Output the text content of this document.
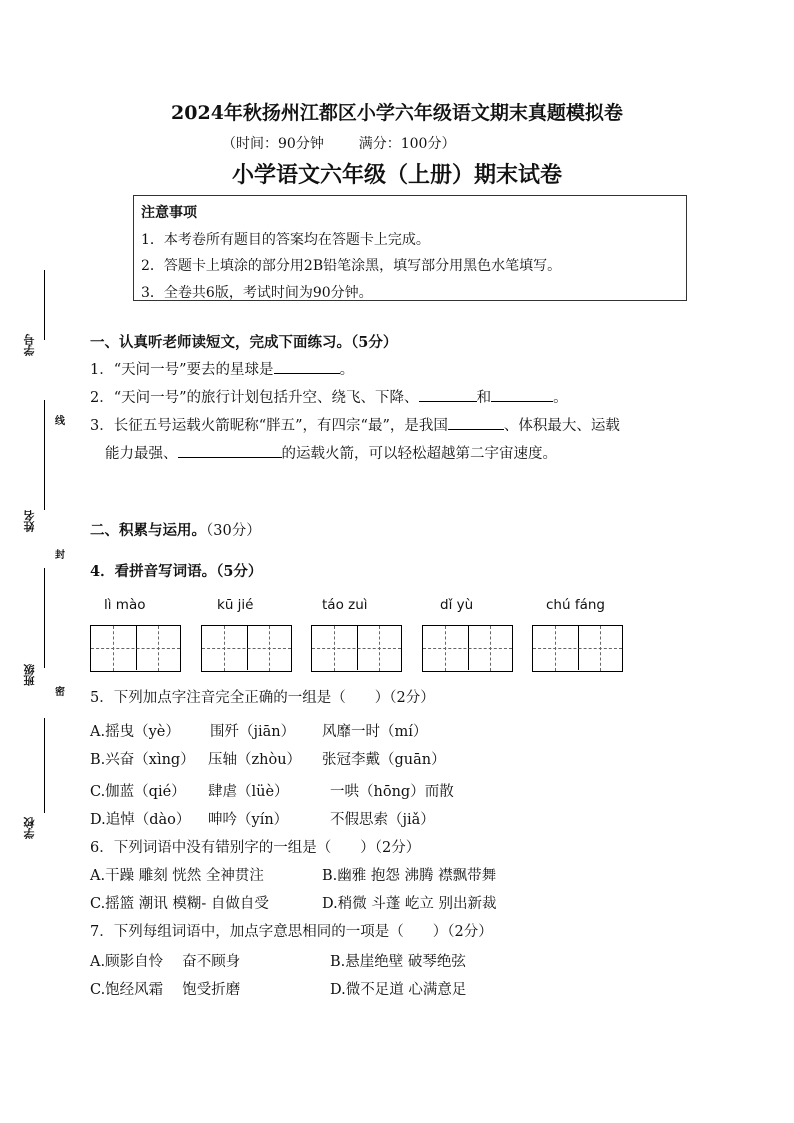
学号
姓名
班级
学校
线
封
密
2024年秋扬州江都区小学六年级语文期末真题模拟卷
（时间：90分钟 满分：100分）
小学语文六年级（上册）期末试卷
注意事项
1．本考卷所有题目的答案均在答题卡上完成。
2．答题卡上填涂的部分用2B铅笔涂黑，填写部分用黑色水笔填写。
3．全卷共6版，考试时间为90分钟。
一、认真听老师读短文，完成下面练习。（5分）
1．“天问一号”要去的星球是	。
2．“天问一号”的旅行计划包括升空、绕飞、下降、	和	。
3．长征五号运载火箭昵称“胖五”，有四宗“最”，是我国	、体积最大、运载
能力最强、	的运载火箭，可以轻松超越第二宇宙速度。
二、积累与运用。（30分）
4．看拼音写词语。（5分）
lì mào	kū jié	táo zuì	dǐ yù	chú fáng
5．下列加点字注音完全正确的一组是（　　）（2分）
A.摇曳（yè） 围歼（jiān） 风靡一时（mí）
B.兴奋（xìng） 压轴（zhòu） 张冠李戴（guān）
C.伽蓝（qié） 肆虐（lüè）	一哄（hōng）而散
D.追悼（dào） 呻吟（yín）	不假思索（jiǎ）
6．下列词语中没有错别字的一组是（　　）（2分）
A.干躁 雕刻 恍然 全神贯注	B.幽雅 抱怨 沸腾 襟飘带舞
C.摇篮 潮讯 模糊- 自做自受	D.稍微 斗蓬 屹立 别出新裁
7．下列每组词语中，加点字意思相同的一项是（　　）（2分）
A.顾影自怜　 奋不顾身	B.悬崖绝壁 破琴绝弦
C.饱经风霜　 饱受折磨	D.微不足道 心满意足
